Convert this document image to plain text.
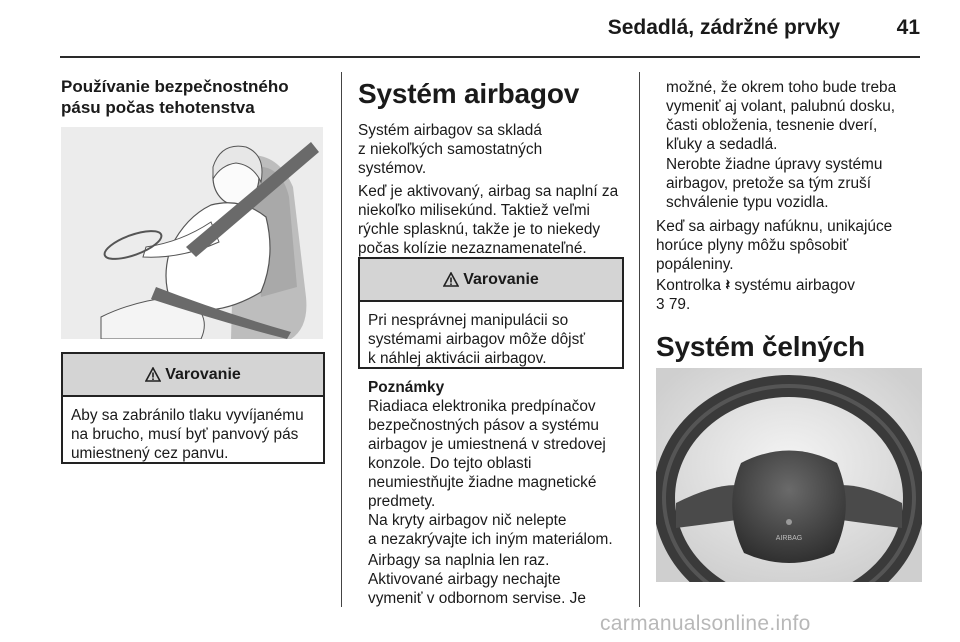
Sedadlá, zádržné prvky	41
Používanie bezpečnostného
pásu počas tehotenstva
Varovanie
Aby sa zabránilo tlaku vyvíjanému
na brucho, musí byť panvový pás
umiestnený cez panvu.
Systém airbagov
Systém airbagov sa skladá
z niekoľkých samostatných
systémov.
Keď je aktivovaný, airbag sa naplní za
niekoľko milisekúnd. Taktiež veľmi
rýchle splasknú, takže je to niekedy
počas kolízie nezaznamenateľné.
Varovanie
Pri nesprávnej manipulácii so
systémami airbagov môže dôjsť
k náhlej aktivácii airbagov.
Poznámky
Riadiaca elektronika predpínačov
bezpečnostných pásov a systému
airbagov je umiestnená v stredovej
konzole. Do tejto oblasti
neumiestňujte žiadne magnetické
predmety.
Na kryty airbagov nič nelepte
a nezakrývajte ich iným materiálom.
Airbagy sa naplnia len raz.
Aktivované airbagy nechajte
vymeniť v odbornom servise. Je
možné, že okrem toho bude treba
vymeniť aj volant, palubnú dosku,
časti obloženia, tesnenie dverí,
kľuky a sedadlá.
Nerobte žiadne úpravy systému
airbagov, pretože sa tým zruší
schválenie typu vozidla.
Keď sa airbagy nafúknu, unikajúce
horúce plyny môžu spôsobiť
popáleniny.
Kontrolka 𝄽 systému airbagov
3 79.
Systém čelných
AIRBAG
carmanualsonline.info
